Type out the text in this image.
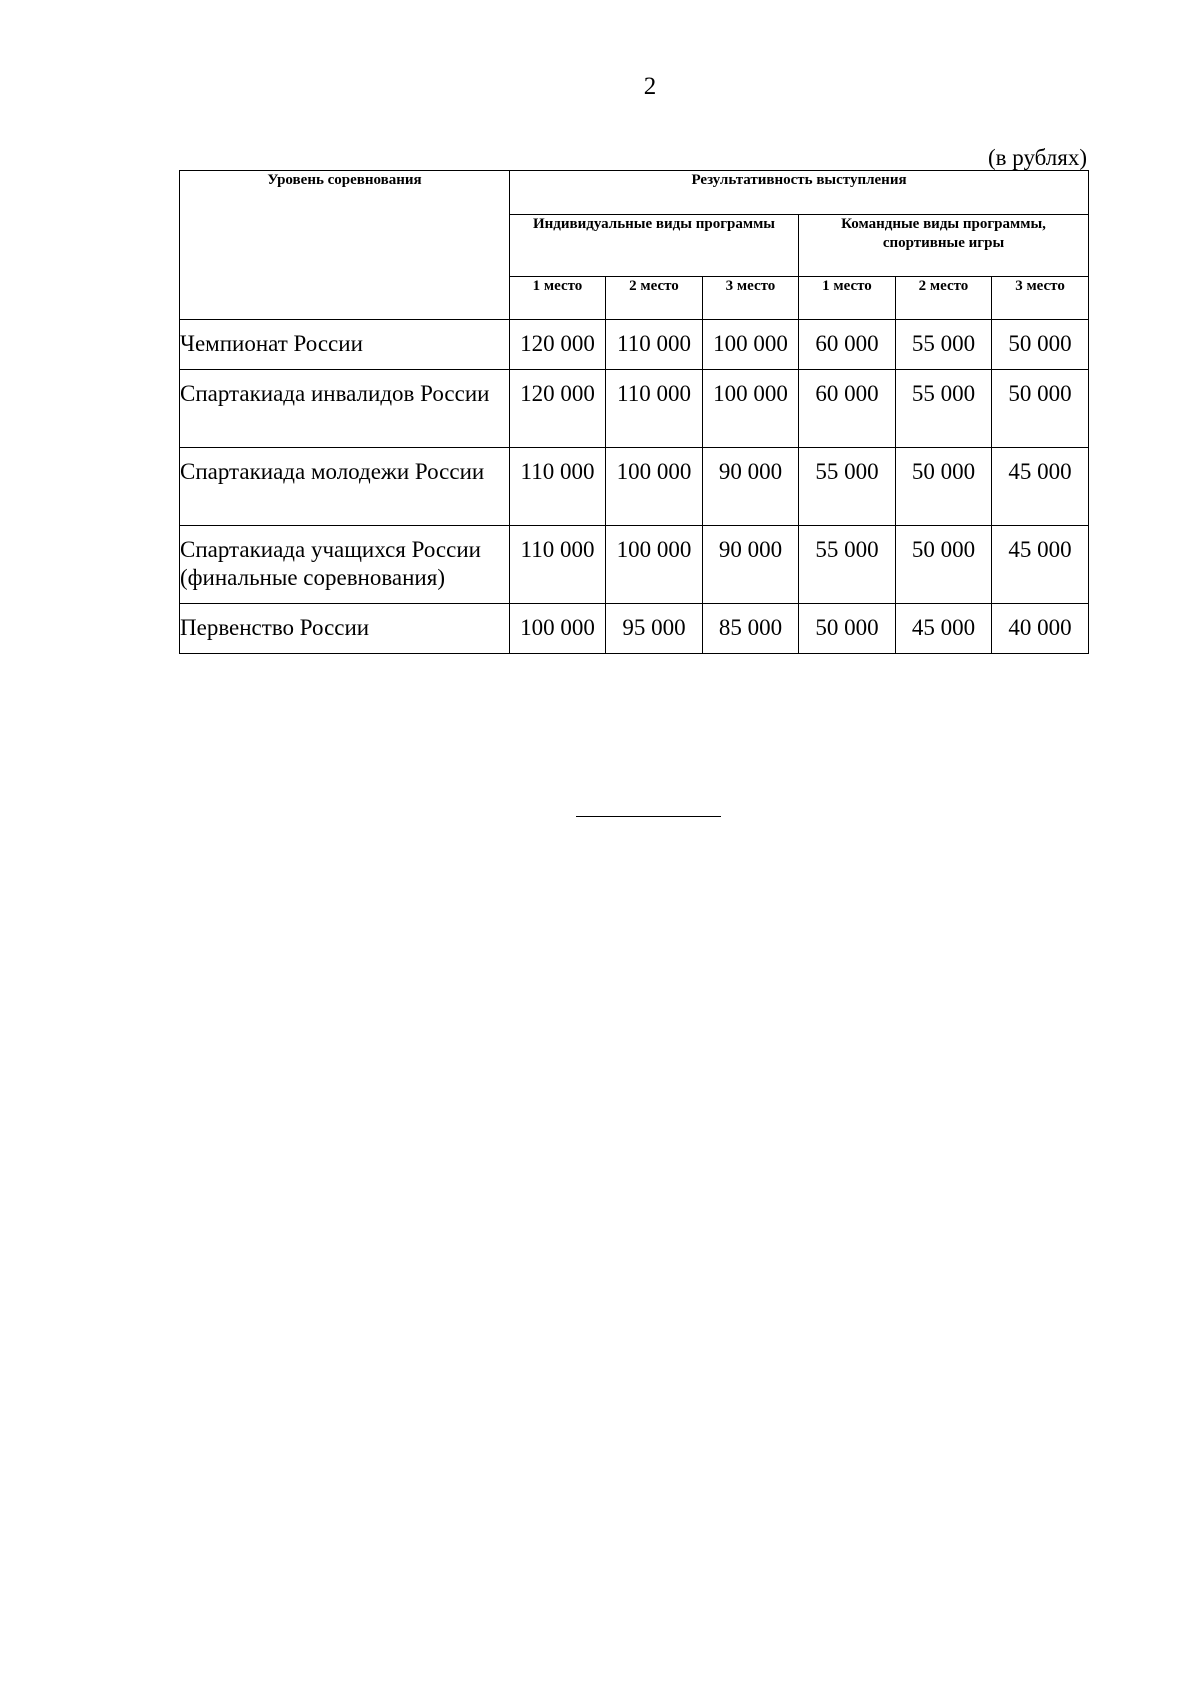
2
(в рублях)
Уровень соревнования	Результативность выступления					
	Индивидуальные виды программы			Командные виды программы, спортивные игры		
	1 место	2 место	3 место	1 место	2 место	3 место
Чемпионат России	120 000	110 000	100 000	60 000	55 000	50 000
Спартакиада инвалидов России	120 000	110 000	100 000	60 000	55 000	50 000
Спартакиада молодежи России	110 000	100 000	90 000	55 000	50 000	45 000
Спартакиада учащихся России (финальные соревнования)	110 000	100 000	90 000	55 000	50 000	45 000
Первенство России	100 000	95 000	85 000	50 000	45 000	40 000
